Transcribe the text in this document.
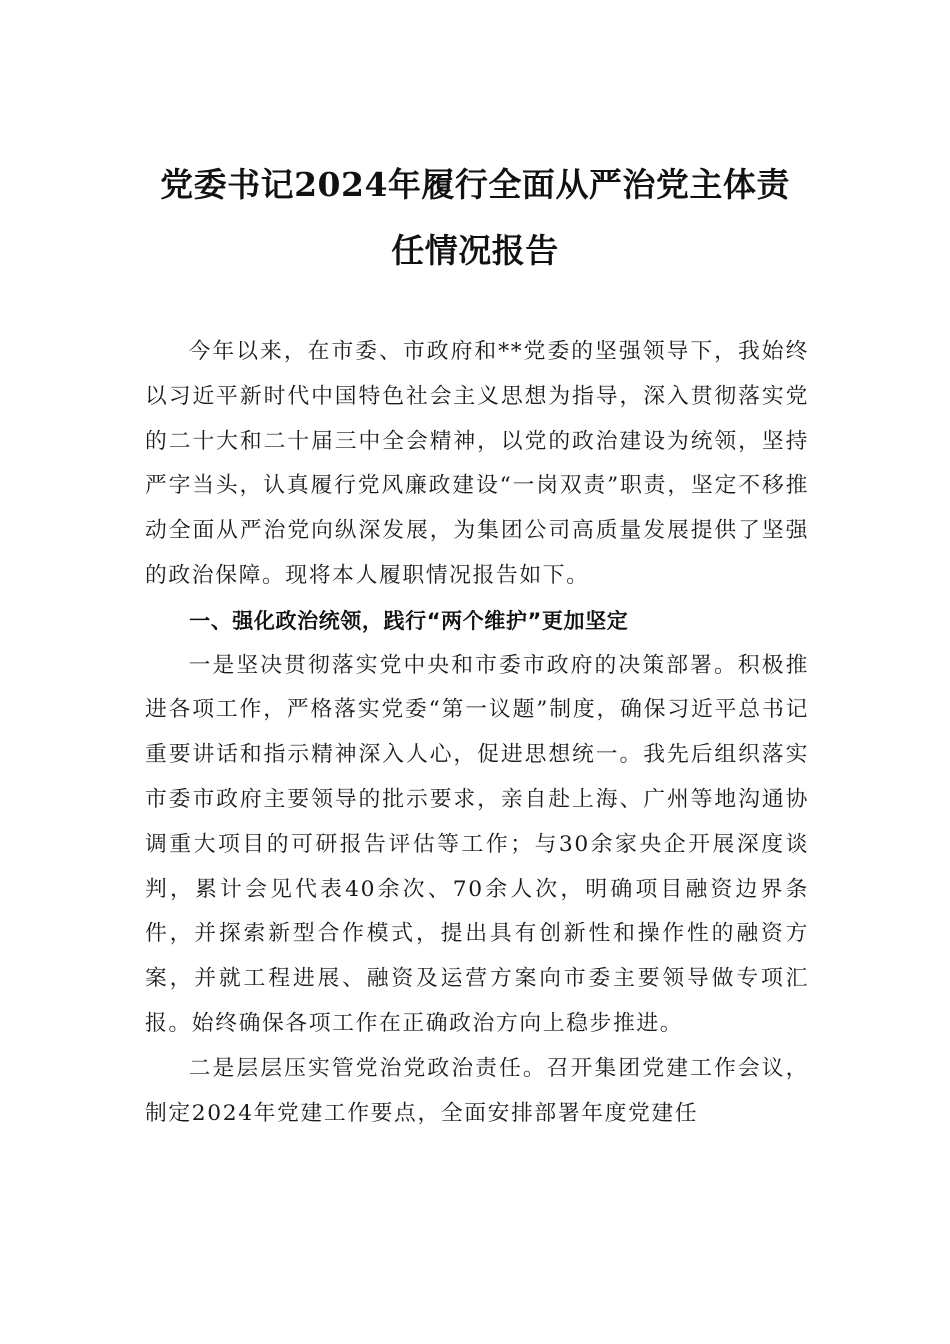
党委书记2024年履行全面从严治党主体责
任情况报告

今年以来，在市委、市政府和**党委的坚强领导下，我始终以习近平新时代中国特色社会主义思想为指导，深入贯彻落实党的二十大和二十届三中全会精神，以党的政治建设为统领，坚持严字当头，认真履行党风廉政建设“一岗双责”职责，坚定不移推动全面从严治党向纵深发展，为集团公司高质量发展提供了坚强的政治保障。现将本人履职情况报告如下。

一、强化政治统领，践行“两个维护”更加坚定

一是坚决贯彻落实党中央和市委市政府的决策部署。积极推进各项工作，严格落实党委“第一议题”制度，确保习近平总书记重要讲话和指示精神深入人心，促进思想统一。我先后组织落实市委市政府主要领导的批示要求，亲自赴上海、广州等地沟通协调重大项目的可研报告评估等工作；与30余家央企开展深度谈判，累计会见代表40余次、70余人次，明确项目融资边界条件，并探索新型合作模式，提出具有创新性和操作性的融资方案，并就工程进展、融资及运营方案向市委主要领导做专项汇报。始终确保各项工作在正确政治方向上稳步推进。

二是层层压实管党治党政治责任。召开集团党建工作会议，制定2024年党建工作要点，全面安排部署年度党建任
